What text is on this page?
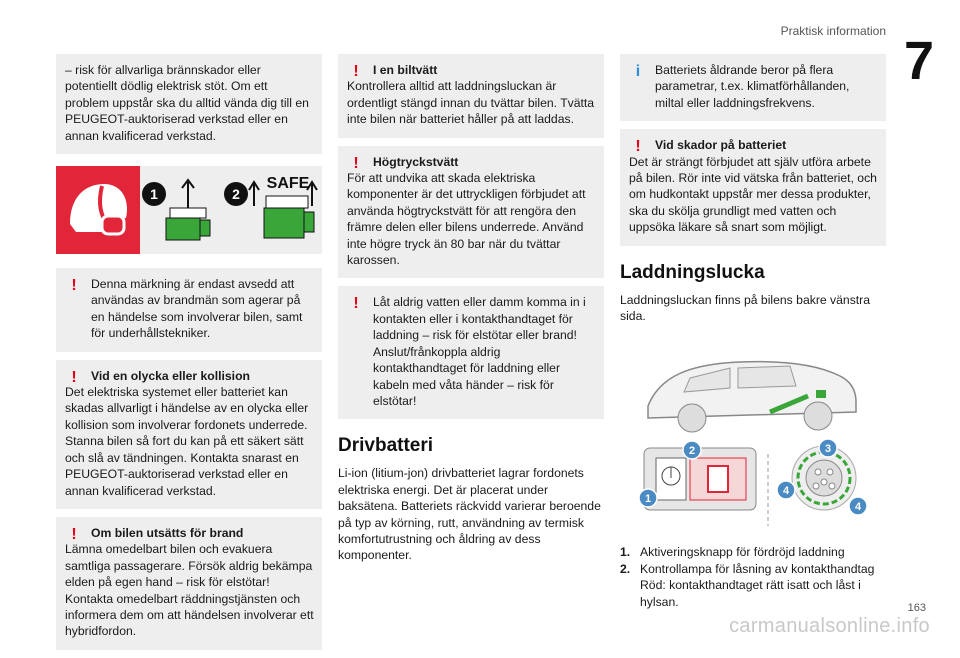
Praktisk information 7
– risk för allvarliga brännskador eller potentiellt dödlig elektrisk stöt. Om ett problem uppstår ska du alltid vända dig till en PEUGEOT-auktoriserad verkstad eller en annan kvalificerad verkstad.
1	2
SAFE
!	Denna märkning är endast avsedd att användas av brandmän som agerar på en händelse som involverar bilen, samt för underhållstekniker.
!	Vid en olycka eller kollision
Det elektriska systemet eller batteriet kan skadas allvarligt i händelse av en olycka eller kollision som involverar fordonets underrede. Stanna bilen så fort du kan på ett säkert sätt och slå av tändningen. Kontakta snarast en PEUGEOT-auktoriserad verkstad eller en annan kvalificerad verkstad.
!	Om bilen utsätts för brand
Lämna omedelbart bilen och evakuera samtliga passagerare. Försök aldrig bekämpa elden på egen hand – risk för elstötar! Kontakta omedelbart räddningstjänsten och informera dem om att händelsen involverar ett hybridfordon.
!	I en biltvätt
Kontrollera alltid att laddningsluckan är ordentligt stängd innan du tvättar bilen. Tvätta inte bilen när batteriet håller på att laddas.
!	Högtryckstvätt
För att undvika att skada elektriska komponenter är det uttryckligen förbjudet att använda högtryckstvätt för att rengöra den främre delen eller bilens underrede. Använd inte högre tryck än 80 bar när du tvättar karossen.
!	Låt aldrig vatten eller damm komma in i kontakten eller i kontakthandtaget för laddning – risk för elstötar eller brand! Anslut/frånkoppla aldrig kontakthandtaget för laddning eller kabeln med våta händer – risk för elstötar!
Drivbatteri
Li-ion (litium-jon) drivbatteriet lagrar fordonets elektriska energi. Det är placerat under baksätena. Batteriets räckvidd varierar beroende på typ av körning, rutt, användning av termisk komfortutrustning och åldring av dess komponenter.
i	Batteriets åldrande beror på flera parametrar, t.ex. klimatförhållanden, miltal eller laddningsfrekvens.
!	Vid skador på batteriet
Det är strängt förbjudet att själv utföra arbete på bilen. Rör inte vid vätska från batteriet, och om hudkontakt uppstår mer dessa produkter, ska du skölja grundligt med vatten och uppsöka läkare så snart som möjligt.
Laddningslucka
Laddningsluckan finns på bilens bakre vänstra sida.
1
2	3
4
4
1. Aktiveringsknapp för fördröjd laddning
2. Kontrollampa för låsning av kontakthandtag Röd: kontakthandtaget rätt isatt och låst i hylsan.
carmanualsonline.info
163
